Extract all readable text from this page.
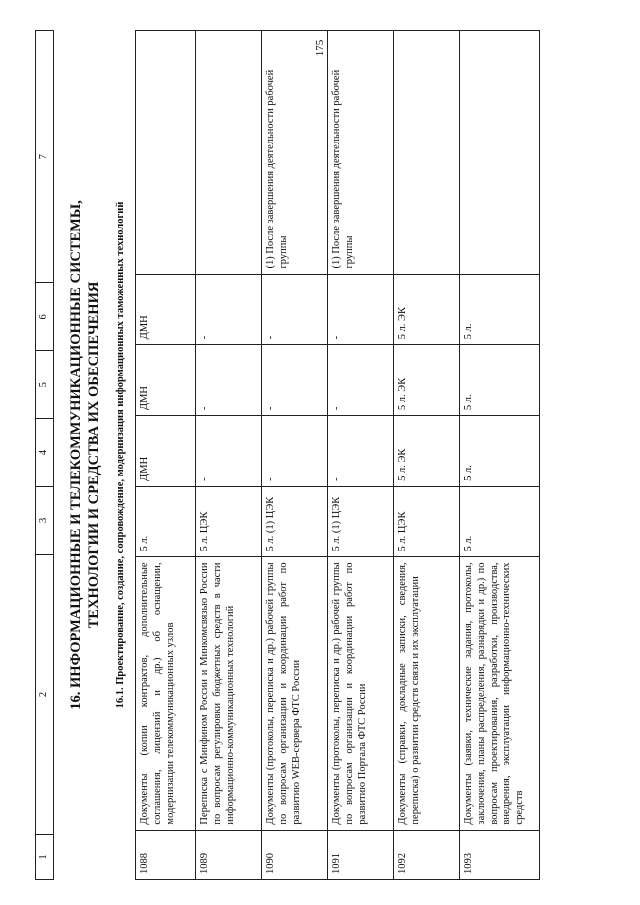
175
16. ИНФОРМАЦИОННЫЕ И ТЕЛЕКОММУНИКАЦИОННЫЕ СИСТЕМЫ, ТЕХНОЛОГИИ И СРЕДСТВА ИХ ОБЕСПЕЧЕНИЯ 16.1. Проектирование, создание, сопровождение, модернизация информационных таможенных технологий
1	2	3	4	5	6	7
1088	Документы (копии контрактов, дополнительные соглашения, лицензий и др.) об оснащении, модернизации телекоммуникационных узлов	5 л.	ДМН	ДМН	ДМН	
1089	Переписка с Минфином России и Минкомсвязью России по вопросам регулировки бюджетных средств в части информационно-коммуникационных технологий	5 л. ЦЭК	-	-	-	
1090	Документы (протоколы, переписка и др.) рабочей группы по вопросам организации и координации работ по развитию WEB-сервера ФТС России	5 л. (1) ЦЭК	-	-	-	(1) После завершения деятельности рабочей группы
1091	Документы (протоколы, переписка и др.) рабочей группы по вопросам организации и координации работ по развитию Портала ФТС России	5 л. (1) ЦЭК	-	-	-	(1) После завершения деятельности рабочей группы
1092	Документы (справки, докладные записки, сведения, переписка) о развитии средств связи и их эксплуатации	5 л. ЦЭК	5 л. ЭК	5 л. ЭК	5 л. ЭК	
1093	Документы (заявки, технические задания, протоколы, заключения, планы распределения, разнарядки и др.) по вопросам проектирования, разработки, производства, внедрения, эксплуатации информационно-технических средств	5 л.	5 л.	5 л.	5 л.	
